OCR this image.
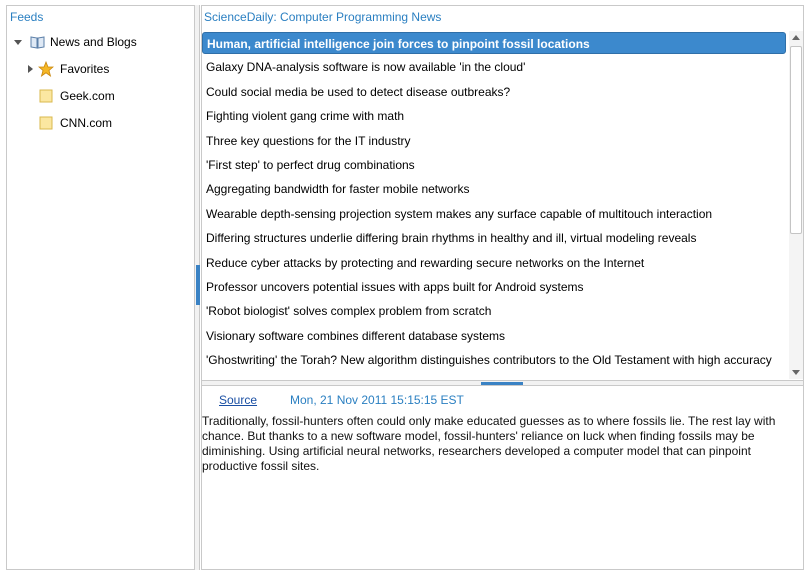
Feeds
News and Blogs
Favorites
Geek.com
CNN.com
ScienceDaily: Computer Programming News
Human, artificial intelligence join forces to pinpoint fossil locations
Galaxy DNA-analysis software is now available 'in the cloud'
Could social media be used to detect disease outbreaks?
Fighting violent gang crime with math
Three key questions for the IT industry
'First step' to perfect drug combinations
Aggregating bandwidth for faster mobile networks
Wearable depth-sensing projection system makes any surface capable of multitouch interaction
Differing structures underlie differing brain rhythms in healthy and ill, virtual modeling reveals
Reduce cyber attacks by protecting and rewarding secure networks on the Internet
Professor uncovers potential issues with apps built for Android systems
'Robot biologist' solves complex problem from scratch
Visionary software combines different database systems
'Ghostwriting' the Torah? New algorithm distinguishes contributors to the Old Testament with high accuracy
Source	Mon, 21 Nov 2011 15:15:15 EST
Traditionally, fossil-hunters often could only make educated guesses as to where fossils lie. The rest lay with chance. But thanks to a new software model, fossil-hunters' reliance on luck when finding fossils may be diminishing. Using artificial neural networks, researchers developed a computer model that can pinpoint productive fossil sites.
